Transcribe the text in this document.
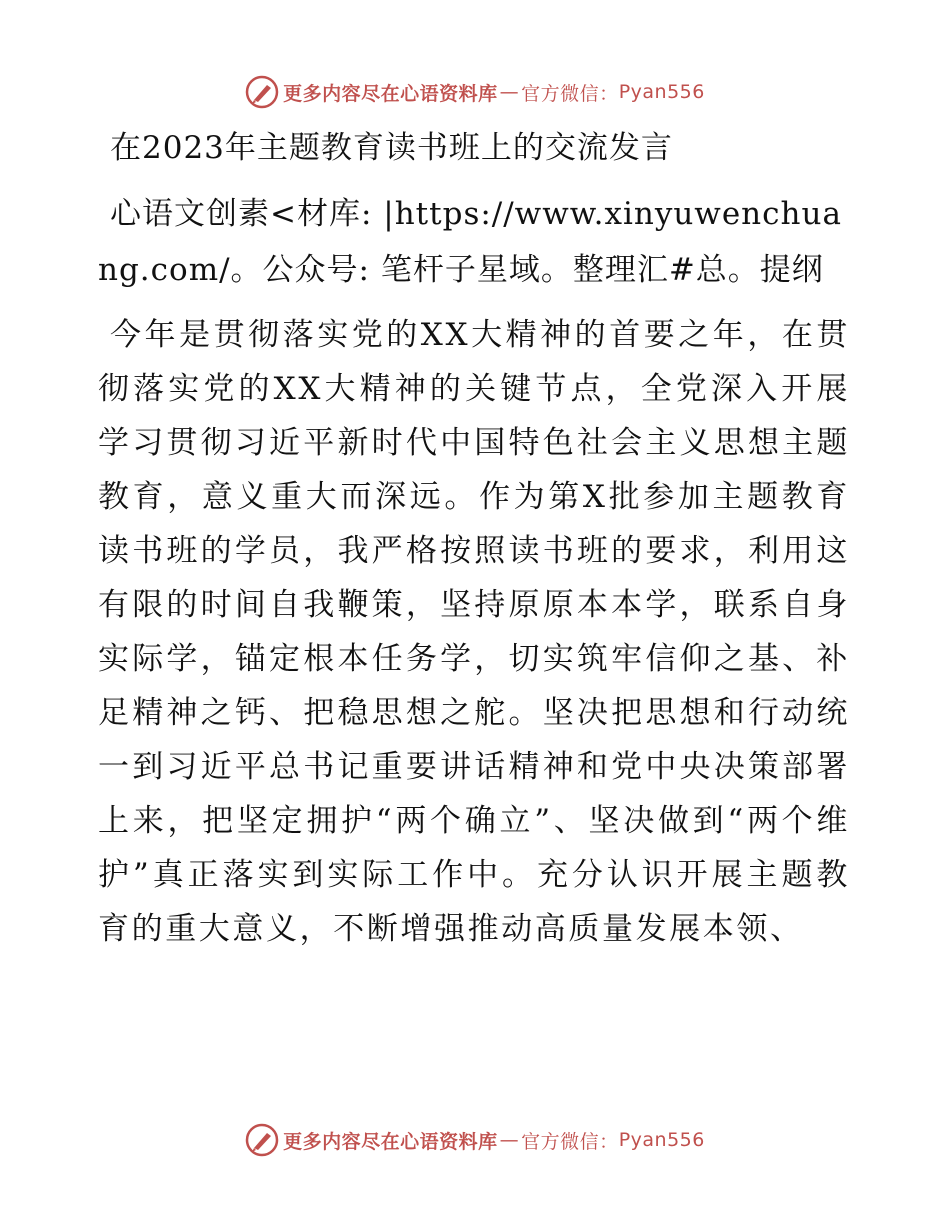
更多内容尽在心语资料库 — 官方微信： Pyan556
在2023年主题教育读书班上的交流发言

心语文创素<材库: |https://www.xinyuwenchuang.com/。公众号: 笔杆子星域。整理汇#总。提纲

今年是贯彻落实党的XX大精神的首要之年，在贯彻落实党的XX大精神的关键节点，全党深入开展学习贯彻习近平新时代中国特色社会主义思想主题教育，意义重大而深远。作为第X批参加主题教育读书班的学员，我严格按照读书班的要求，利用这有限的时间自我鞭策，坚持原原本本学，联系自身实际学，锚定根本任务学，切实筑牢信仰之基、补足精神之钙、把稳思想之舵。坚决把思想和行动统一到习近平总书记重要讲话精神和党中央决策部署上来，把坚定拥护“两个确立”、坚决做到“两个维护”真正落实到实际工作中。充分认识开展主题教育的重大意义，不断增强推动高质量发展本领、

更多内容尽在心语资料库 — 官方微信： Pyan556
